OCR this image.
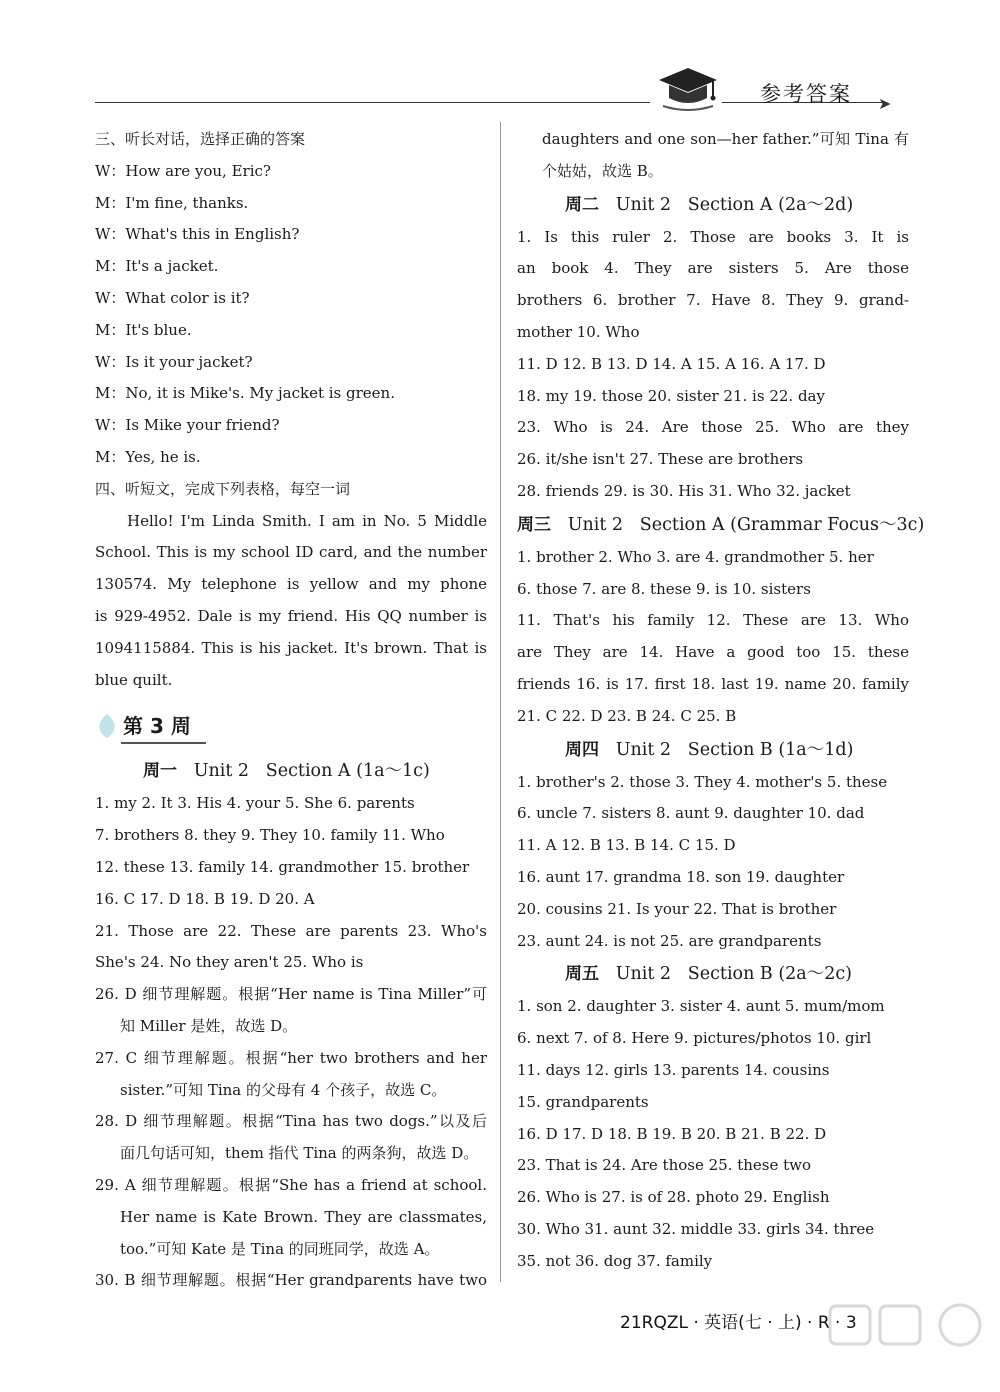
➤
参考答案
三、听长对话，选择正确的答案
W：How are you, Eric?
M：I'm fine, thanks.
W：What's this in English?
M：It's a jacket.
W：What color is it?
M：It's blue.
W：Is it your jacket?
M：No, it is Mike's. My jacket is green.
W：Is Mike your friend?
M：Yes, he is.
四、听短文，完成下列表格，每空一词
Hello! I'm Linda Smith. I am in No. 5 Middle
School. This is my school ID card, and the number
130574. My telephone is yellow and my phone
is 929-4952. Dale is my friend. His QQ number is
1094115884. This is his jacket. It's brown. That is
blue quilt.
第 3 周
周一 Unit 2 Section A (1a～1c)
1. my 2. It 3. His 4. your 5. She 6. parents
7. brothers 8. they 9. They 10. family 11. Who
12. these 13. family 14. grandmother 15. brother
16. C 17. D 18. B 19. D 20. A
21. Those are 22. These are parents 23. Who's
She's 24. No they aren't 25. Who is
26. D 细节理解题。根据“Her name is Tina Miller”可
知 Miller 是姓，故选 D。
27. C 细节理解题。根据“her two brothers and her
sister.”可知 Tina 的父母有 4 个孩子，故选 C。
28. D 细节理解题。根据“Tina has two dogs.”以及后
面几句话可知，them 指代 Tina 的两条狗，故选 D。
29. A 细节理解题。根据“She has a friend at school.
Her name is Kate Brown. They are classmates,
too.”可知 Kate 是 Tina 的同班同学，故选 A。
30. B 细节理解题。根据“Her grandparents have two
daughters and one son—her father.”可知 Tina 有
个姑姑，故选 B。
周二 Unit 2 Section A (2a～2d)
1. Is this ruler 2. Those are books 3. It is
an book 4. They are sisters 5. Are those
brothers 6. brother 7. Have 8. They 9. grand-
mother 10. Who
11. D 12. B 13. D 14. A 15. A 16. A 17. D
18. my 19. those 20. sister 21. is 22. day
23. Who is 24. Are those 25. Who are they
26. it/she isn't 27. These are brothers
28. friends 29. is 30. His 31. Who 32. jacket
周三 Unit 2 Section A (Grammar Focus～3c)
1. brother 2. Who 3. are 4. grandmother 5. her
6. those 7. are 8. these 9. is 10. sisters
11. That's his family 12. These are 13. Who
are They are 14. Have a good too 15. these
friends 16. is 17. first 18. last 19. name 20. family
21. C 22. D 23. B 24. C 25. B
周四 Unit 2 Section B (1a～1d)
1. brother's 2. those 3. They 4. mother's 5. these
6. uncle 7. sisters 8. aunt 9. daughter 10. dad
11. A 12. B 13. B 14. C 15. D
16. aunt 17. grandma 18. son 19. daughter
20. cousins 21. Is your 22. That is brother
23. aunt 24. is not 25. are grandparents
周五 Unit 2 Section B (2a～2c)
1. son 2. daughter 3. sister 4. aunt 5. mum/mom
6. next 7. of 8. Here 9. pictures/photos 10. girl
11. days 12. girls 13. parents 14. cousins
15. grandparents
16. D 17. D 18. B 19. B 20. B 21. B 22. D
23. That is 24. Are those 25. these two
26. Who is 27. is of 28. photo 29. English
30. Who 31. aunt 32. middle 33. girls 34. three
35. not 36. dog 37. family
21RQZL · 英语(七 · 上) · R · 3
